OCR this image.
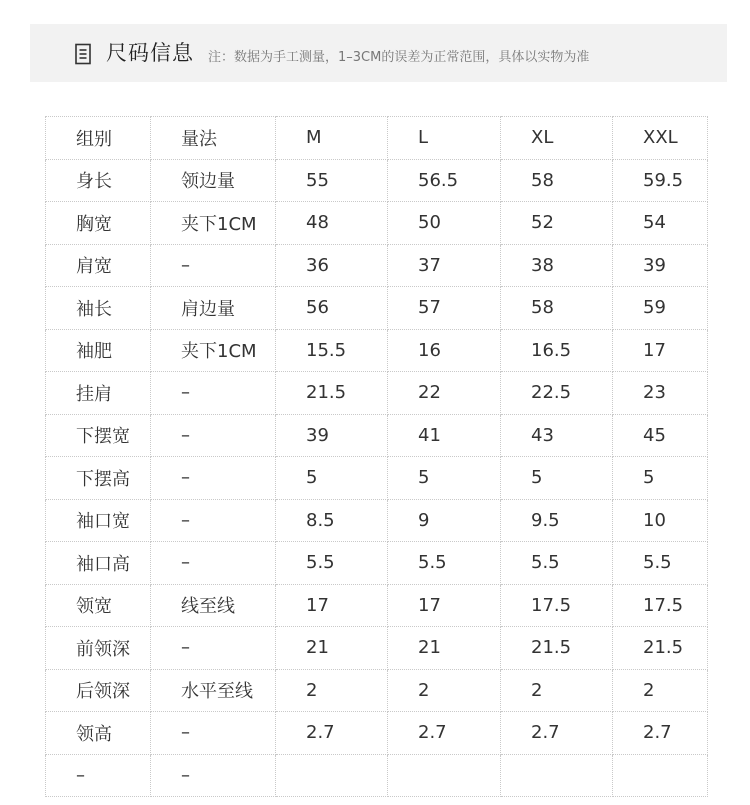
尺码信息 注：数据为手工测量，1–3CM的误差为正常范围，具体以实物为准
组别	量法	M	L	XL	XXL
身长	领边量	55	56.5	58	59.5
胸宽	夹下1CM	48	50	52	54
肩宽	–	36	37	38	39
袖长	肩边量	56	57	58	59
袖肥	夹下1CM	15.5	16	16.5	17
挂肩	–	21.5	22	22.5	23
下摆宽	–	39	41	43	45
下摆高	–	5	5	5	5
袖口宽	–	8.5	9	9.5	10
袖口高	–	5.5	5.5	5.5	5.5
领宽	线至线	17	17	17.5	17.5
前领深	–	21	21	21.5	21.5
后领深	水平至线	2	2	2	2
领高	–	2.7	2.7	2.7	2.7
–	–				
